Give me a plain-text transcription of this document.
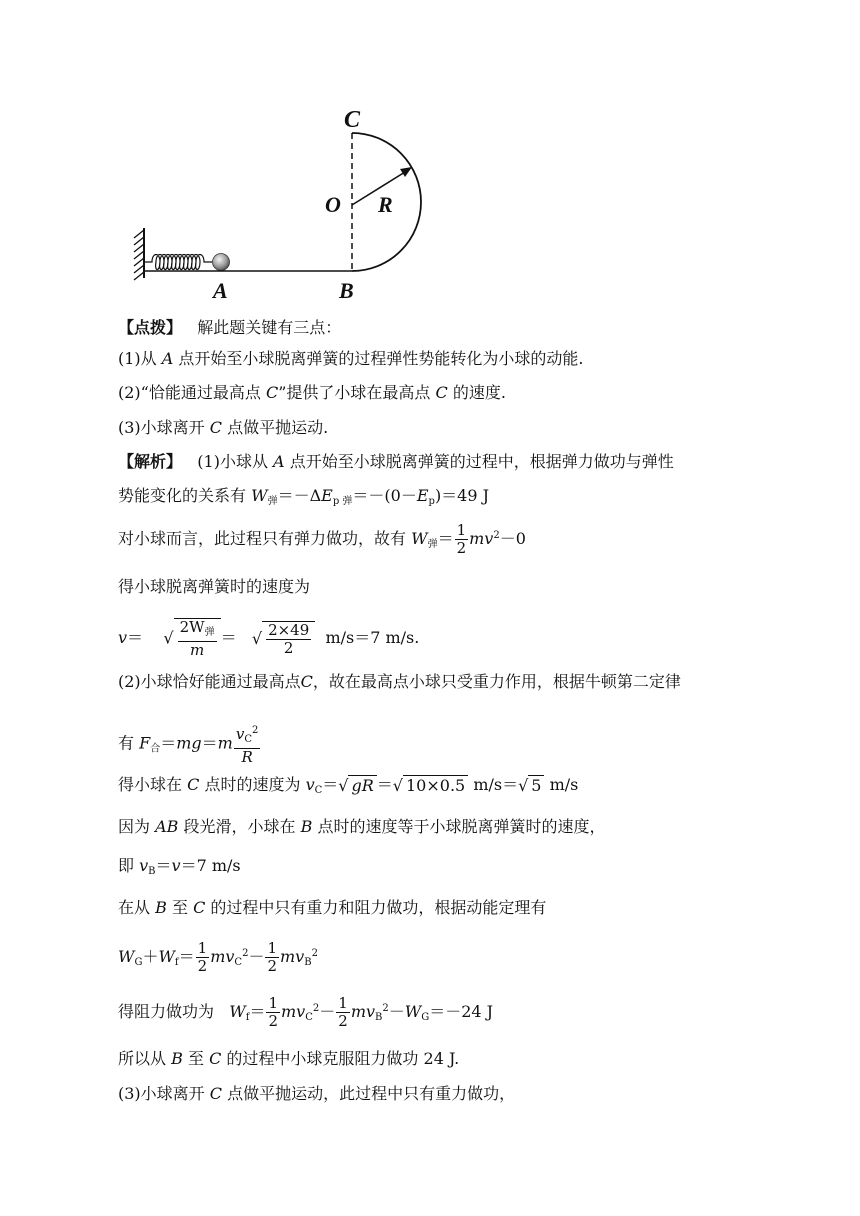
C
O R
A	B
【点拨】 解此题关键有三点：
(1)从 A 点开始至小球脱离弹簧的过程弹性势能转化为小球的动能.
(2)“恰能通过最高点 C”提供了小球在最高点 C 的速度.
(3)小球离开 C 点做平抛运动.
【解析】 (1)小球从 A 点开始至小球脱离弹簧的过程中，根据弹力做功与弹性
势能变化的关系有 $W_弹=-\Delta E_{p 弹}=-(0-E_p)=49$ J
对小球而言，此过程只有弹力做功，故有 $W_弹= \frac{1}{2} mv^2-0$
得小球脱离弹簧时的速度为
v＝ √ $\frac{2W_弹}{m}$ ＝ √ $\frac{2\times 49}{2} m/s=7$ m/s.
(2)小球恰好能通过最高点C，故在最高点小球只受重力作用，根据牛顿第二定律
有 $F_合=mg=m \frac{v_C^2}{R}$
得小球在 C 点时的速度为 $v_C=√$ gR ＝√ 10×0.5 m/s＝√ 5 m/s
因为 AB 段光滑，小球在 B 点时的速度等于小球脱离弹簧时的速度，
即 $v_B=v=7$ m/s
在从 B 至 C 的过程中只有重力和阻力做功，根据动能定理有
$W_G+W_f= \frac{1}{2} mv_C^2- \frac{1}{2} mv_B^2$
得阻力做功为 $W_f= \frac{1}{2} mv_C^2- \frac{1}{2} mv_B^2-W_G=-24$ J
所以从 B 至 C 的过程中小球克服阻力做功 24 J.
(3)小球离开 C 点做平抛运动，此过程中只有重力做功，
